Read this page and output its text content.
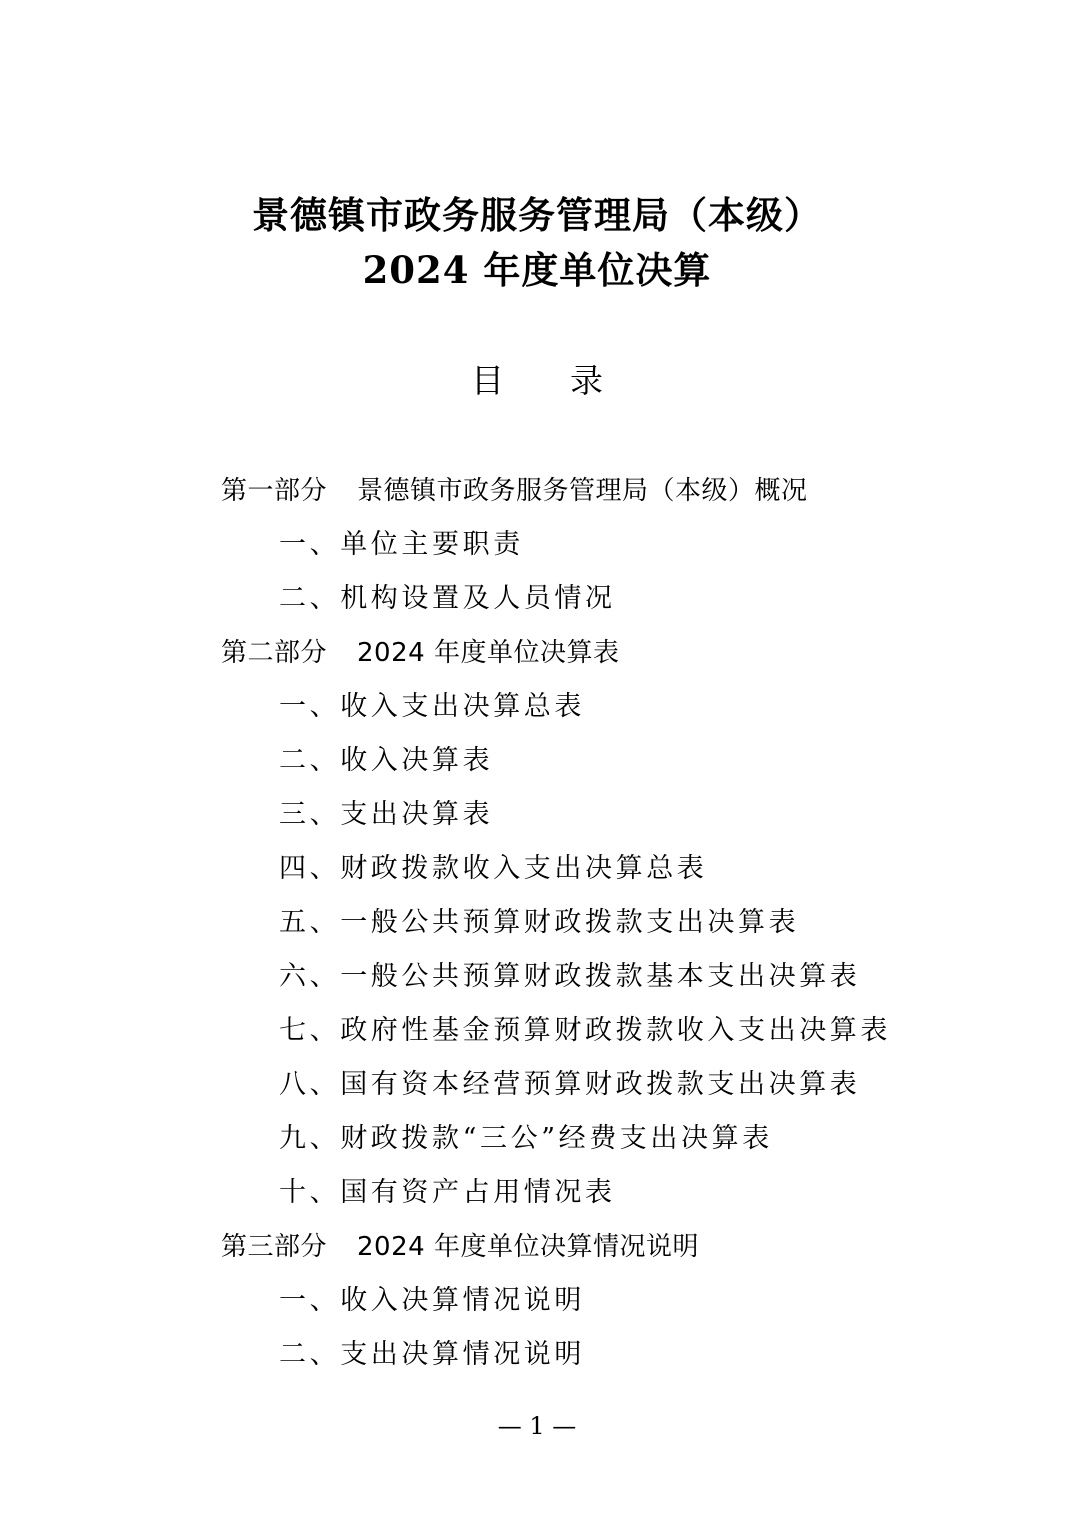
景德镇市政务服务管理局（本级）
2024 年度单位决算
目 录
第一部分 景德镇市政务服务管理局（本级）概况
一、单位主要职责
二、机构设置及人员情况
第二部分 2024 年度单位决算表
一、收入支出决算总表
二、收入决算表
三、支出决算表
四、财政拨款收入支出决算总表
五、一般公共预算财政拨款支出决算表
六、一般公共预算财政拨款基本支出决算表
七、政府性基金预算财政拨款收入支出决算表
八、国有资本经营预算财政拨款支出决算表
九、财政拨款“三公”经费支出决算表
十、国有资产占用情况表
第三部分 2024 年度单位决算情况说明
一、收入决算情况说明
二、支出决算情况说明
— 1 —
